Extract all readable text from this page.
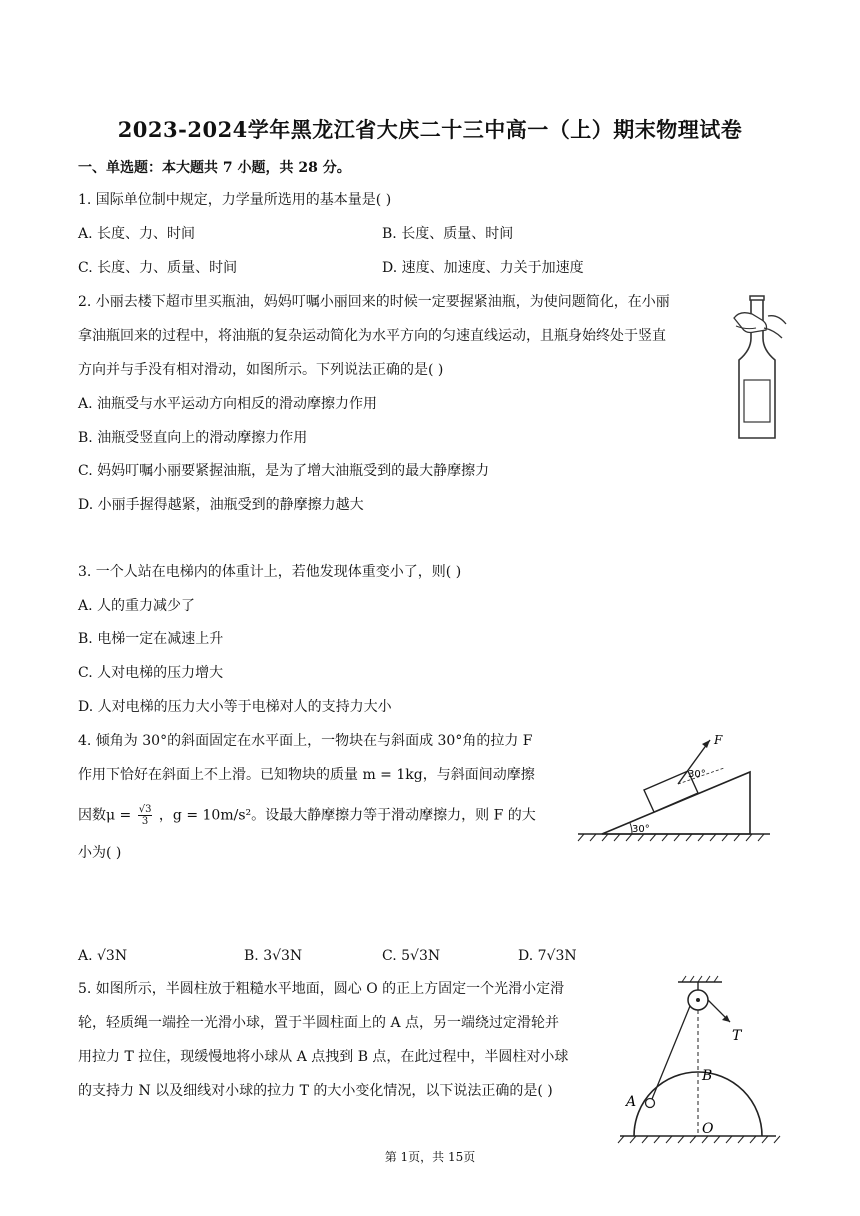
2023-2024学年黑龙江省大庆二十三中高一（上）期末物理试卷
一、单选题：本大题共 7 小题，共 28 分。
1. 国际单位制中规定，力学量所选用的基本量是( )
A. 长度、力、时间	B. 长度、质量、时间
C. 长度、力、质量、时间	D. 速度、加速度、力关于加速度
2. 小丽去楼下超市里买瓶油，妈妈叮嘱小丽回来的时候一定要握紧油瓶，为使问题简化，在小丽
拿油瓶回来的过程中，将油瓶的复杂运动简化为水平方向的匀速直线运动，且瓶身始终处于竖直
方向并与手没有相对滑动，如图所示。下列说法正确的是( )
A. 油瓶受与水平运动方向相反的滑动摩擦力作用
B. 油瓶受竖直向上的滑动摩擦力作用
C. 妈妈叮嘱小丽要紧握油瓶，是为了增大油瓶受到的最大静摩擦力
D. 小丽手握得越紧，油瓶受到的静摩擦力越大
3. 一个人站在电梯内的体重计上，若他发现体重变小了，则( )
A. 人的重力减少了
B. 电梯一定在减速上升
C. 人对电梯的压力增大
D. 人对电梯的压力大小等于电梯对人的支持力大小
4. 倾角为 30°的斜面固定在水平面上，一物块在与斜面成 30°角的拉力 F
作用下恰好在斜面上不上滑。已知物块的质量 m = 1kg，与斜面间动摩擦
因数$\mu = \frac{√3}{3}$ ，g = 10m/s²。设最大静摩擦力等于滑动摩擦力，则 F 的大
小为( )
A. √3N	B. 3√3N	C. 5√3N	D. 7√3N
F
30°
30°
5. 如图所示，半圆柱放于粗糙水平地面，圆心 O 的正上方固定一个光滑小定滑
轮，轻质绳一端拴一光滑小球，置于半圆柱面上的 A 点，另一端绕过定滑轮并
用拉力 T 拉住，现缓慢地将小球从 A 点拽到 B 点，在此过程中，半圆柱对小球
的支持力 N 以及细线对小球的拉力 T 的大小变化情况，以下说法正确的是( )
T
A
B
O
第 1页，共 15页
